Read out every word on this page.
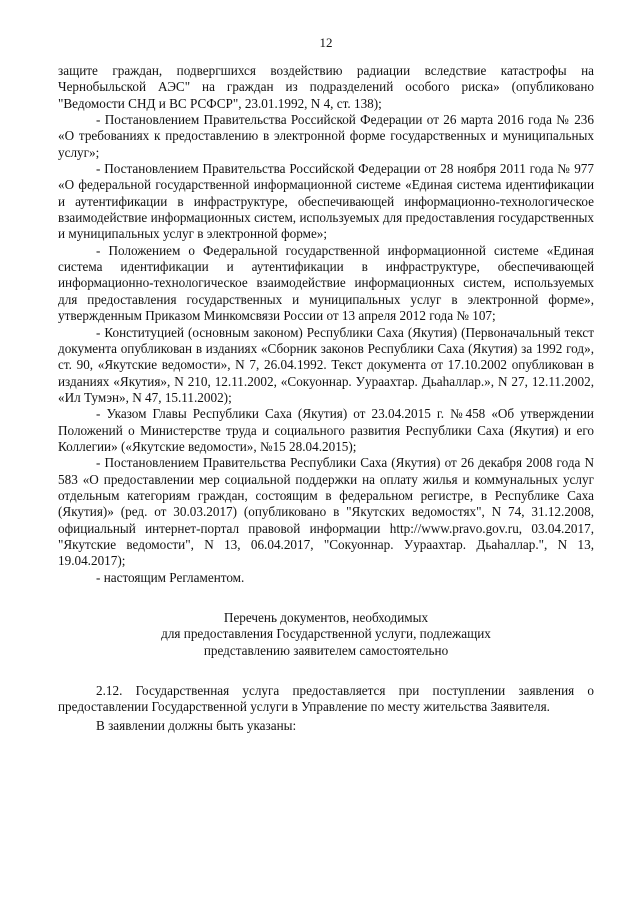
12

защите граждан, подвергшихся воздействию радиации вследствие катастрофы на Чернобыльской АЭС" на граждан из подразделений особого риска» (опубликовано "Ведомости СНД и ВС РСФСР", 23.01.1992, N 4, ст. 138);

- Постановлением Правительства Российской Федерации от 26 марта 2016 года № 236 «О требованиях к предоставлению в электронной форме государственных и муниципальных услуг»;

- Постановлением Правительства Российской Федерации от 28 ноября 2011 года № 977 «О федеральной государственной информационной системе «Единая система идентификации и аутентификации в инфраструктуре, обеспечивающей информационно-технологическое взаимодействие информационных систем, используемых для предоставления государственных и муниципальных услуг в электронной форме»;

- Положением о Федеральной государственной информационной системе «Единая система идентификации и аутентификации в инфраструктуре, обеспечивающей информационно-технологическое взаимодействие информационных систем, используемых для предоставления государственных и муниципальных услуг в электронной форме», утвержденным Приказом Минкомсвязи России от 13 апреля 2012 года № 107;

- Конституцией (основным законом) Республики Саха (Якутия) (Первоначальный текст документа опубликован в изданиях «Сборник законов Республики Саха (Якутия) за 1992 год», ст. 90, «Якутские ведомости», N 7, 26.04.1992. Текст документа от 17.10.2002 опубликован в изданиях «Якутия», N 210, 12.11.2002, «Сокуоннар. Уураахтар. Дьаһаллар.», N 27, 12.11.2002, «Ил Тумэн», N 47, 15.11.2002);

- Указом Главы Республики Саха (Якутия) от 23.04.2015 г. №458 «Об утверждении Положений о Министерстве труда и социального развития Республики Саха (Якутия) и его Коллегии» («Якутские ведомости», №15 28.04.2015);

- Постановлением Правительства Республики Саха (Якутия) от 26 декабря 2008 года N 583 «О предоставлении мер социальной поддержки на оплату жилья и коммунальных услуг отдельным категориям граждан, состоящим в федеральном регистре, в Республике Саха (Якутия)» (ред. от 30.03.2017) (опубликовано в "Якутских ведомостях", N 74, 31.12.2008, официальный интернет-портал правовой информации http://www.pravo.gov.ru, 03.04.2017, "Якутские ведомости", N 13, 06.04.2017, "Сокуоннар. Уураахтар. Дьаһаллар.", N 13, 19.04.2017);

- настоящим Регламентом.

Перечень документов, необходимых
для предоставления Государственной услуги, подлежащих
представлению заявителем самостоятельно

2.12. Государственная услуга предоставляется при поступлении заявления о предоставлении Государственной услуги в Управление по месту жительства Заявителя.

В заявлении должны быть указаны:
